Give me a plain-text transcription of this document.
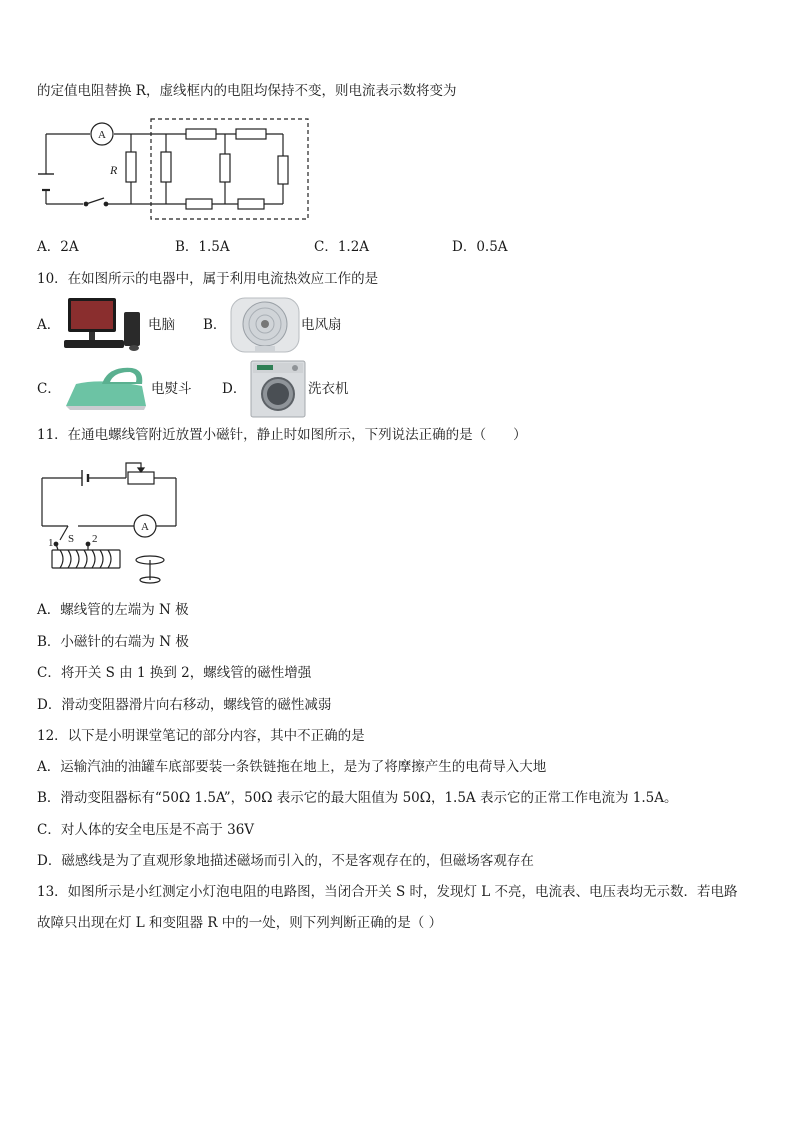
的定值电阻替换 R，虚线框内的电阻均保持不变，则电流表示数将变为
A
R
A．2A	B．1.5A	C．1.2A	D．0.5A
10．在如图所示的电器中，属于利用电流热效应工作的是
A．	电脑 B．	电风扇
C．	电熨斗 D．	洗衣机
11．在通电螺线管附近放置小磁针，静止时如图所示，下列说法正确的是（　　）
1 S 2
A
A．螺线管的左端为 N 极
B．小磁针的右端为 N 极
C．将开关 S 由 1 换到 2，螺线管的磁性增强
D．滑动变阻器滑片向右移动，螺线管的磁性减弱
12．以下是小明课堂笔记的部分内容，其中不正确的是
A．运输汽油的油罐车底部要装一条铁链拖在地上，是为了将摩擦产生的电荷导入大地
B．滑动变阻器标有“50Ω 1.5A”，50Ω 表示它的最大阻值为 50Ω，1.5A 表示它的正常工作电流为 1.5A。
C．对人体的安全电压是不高于 36V
D．磁感线是为了直观形象地描述磁场而引入的，不是客观存在的，但磁场客观存在
13．如图所示是小红测定小灯泡电阻的电路图，当闭合开关 S 时，发现灯 L 不亮，电流表、电压表均无示数．若电路
故障只出现在灯 L 和变阻器 R 中的一处，则下列判断正确的是（ ）
